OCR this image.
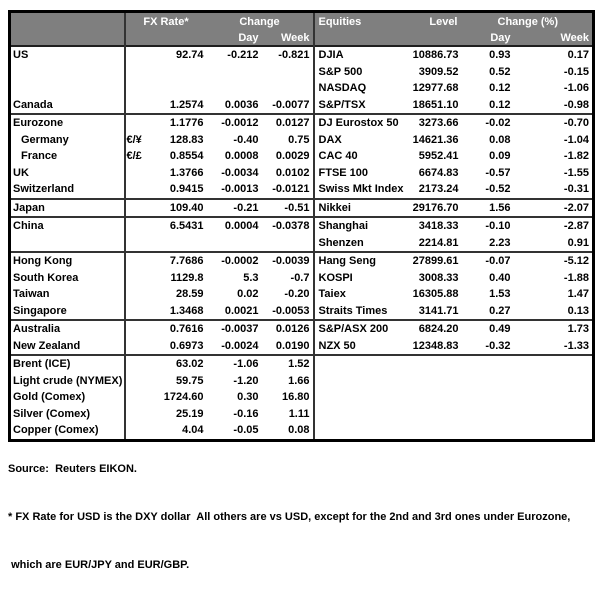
	FX Rate*		Change		Equities	Level	Change (%)	
			Day	Week			Day	Week
US		92.74	-0.212	-0.821	DJIA	10886.73	0.93	0.17
					S&P 500	3909.52	0.52	-0.15
					NASDAQ	12977.68	0.12	-1.06
Canada		1.2574	0.0036	-0.0077	S&P/TSX	18651.10	0.12	-0.98
Eurozone		1.1776	-0.0012	0.0127	DJ Eurostox 50	3273.66	-0.02	-0.70
Germany	€/¥	128.83	-0.40	0.75	DAX	14621.36	0.08	-1.04
France	€/£	0.8554	0.0008	0.0029	CAC 40	5952.41	0.09	-1.82
UK		1.3766	-0.0034	0.0102	FTSE 100	6674.83	-0.57	-1.55
Switzerland		0.9415	-0.0013	-0.0121	Swiss Mkt Index	2173.24	-0.52	-0.31
Japan		109.40	-0.21	-0.51	Nikkei	29176.70	1.56	-2.07
China		6.5431	0.0004	-0.0378	Shanghai	3418.33	-0.10	-2.87
					Shenzen	2214.81	2.23	0.91
Hong Kong		7.7686	-0.0002	-0.0039	Hang Seng	27899.61	-0.07	-5.12
South Korea		1129.8	5.3	-0.7	KOSPI	3008.33	0.40	-1.88
Taiwan		28.59	0.02	-0.20	Taiex	16305.88	1.53	1.47
Singapore		1.3468	0.0021	-0.0053	Straits Times	3141.71	0.27	0.13
Australia		0.7616	-0.0037	0.0126	S&P/ASX 200	6824.20	0.49	1.73
New Zealand		0.6973	-0.0024	0.0190	NZX 50	12348.83	-0.32	-1.33
Brent (ICE)		63.02	-1.06	1.52				
Light crude (NYMEX)		59.75	-1.20	1.66				
Gold (Comex)		1724.60	0.30	16.80				
Silver (Comex)		25.19	-0.16	1.11				
Copper (Comex)		4.04	-0.05	0.08				

Source:  Reuters EIKON.

* FX Rate for USD is the DXY dollar  All others are vs USD, except for the 2nd and 3rd ones under Eurozone,

which are EUR/JPY and EUR/GBP.
